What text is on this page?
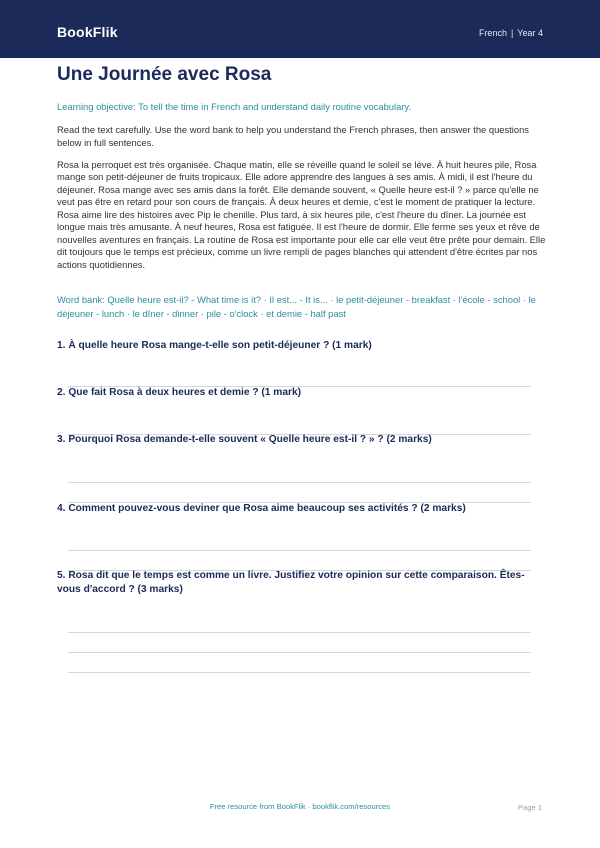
BookFlik	French | Year 4
Une Journée avec Rosa
Learning objective: To tell the time in French and understand daily routine vocabulary.
Read the text carefully. Use the word bank to help you understand the French phrases, then answer the questions below in full sentences.
Rosa la perroquet est très organisée. Chaque matin, elle se réveille quand le soleil se lève. À huit heures pile, Rosa mange son petit-déjeuner de fruits tropicaux. Elle adore apprendre des langues à ses amis. À midi, il est l'heure du déjeuner. Rosa mange avec ses amis dans la forêt. Elle demande souvent, « Quelle heure est-il ? » parce qu'elle ne veut pas être en retard pour son cours de français. À deux heures et demie, c'est le moment de pratiquer la lecture. Rosa aime lire des histoires avec Pip le chenille. Plus tard, à six heures pile, c'est l'heure du dîner. La journée est longue mais très amusante. À neuf heures, Rosa est fatiguée. Il est l'heure de dormir. Elle ferme ses yeux et rêve de nouvelles aventures en français. La routine de Rosa est importante pour elle car elle veut être prête pour demain. Elle dit toujours que le temps est précieux, comme un livre rempli de pages blanches qui attendent d'être écrites par nos actions quotidiennes.
Word bank: Quelle heure est-il? - What time is it? · Il est... - It is... · le petit-déjeuner - breakfast · l'école - school · le déjeuner - lunch · le dîner - dinner · pile - o'clock · et demie - half past
1. À quelle heure Rosa mange-t-elle son petit-déjeuner ? (1 mark)
2. Que fait Rosa à deux heures et demie ? (1 mark)
3. Pourquoi Rosa demande-t-elle souvent « Quelle heure est-il ? » ? (2 marks)
4. Comment pouvez-vous deviner que Rosa aime beaucoup ses activités ? (2 marks)
5. Rosa dit que le temps est comme un livre. Justifiez votre opinion sur cette comparaison. Êtes-vous d'accord ? (3 marks)
Free resource from BookFlik · bookflik.com/resources	Page 1
